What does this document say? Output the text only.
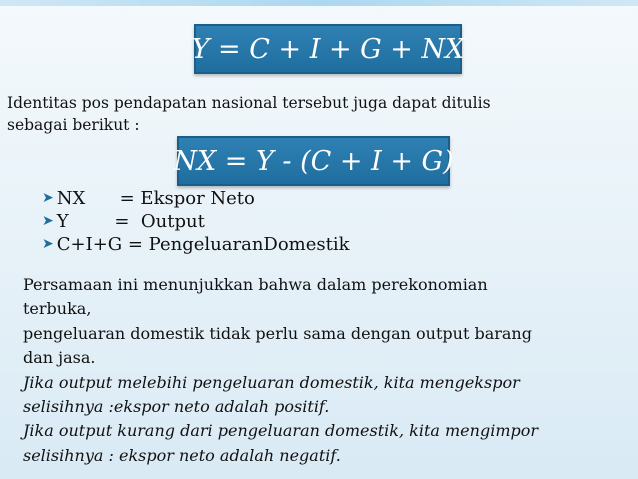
Y = C + I + G + NX
Identitas pos pendapatan nasional tersebut juga dapat ditulis
sebagai berikut :
NX = Y - (C + I + G)
➤ NX      = Ekspor Neto
➤ Y        =  Output
➤ C+I+G = PengeluaranDomestik
Persamaan ini menunjukkan bahwa dalam perekonomian
terbuka,
pengeluaran domestik tidak perlu sama dengan output barang
dan jasa.
Jika output melebihi pengeluaran domestik, kita mengekspor
selisihnya :ekspor neto adalah positif.
Jika output kurang dari pengeluaran domestik, kita mengimpor
selisihnya : ekspor neto adalah negatif.
